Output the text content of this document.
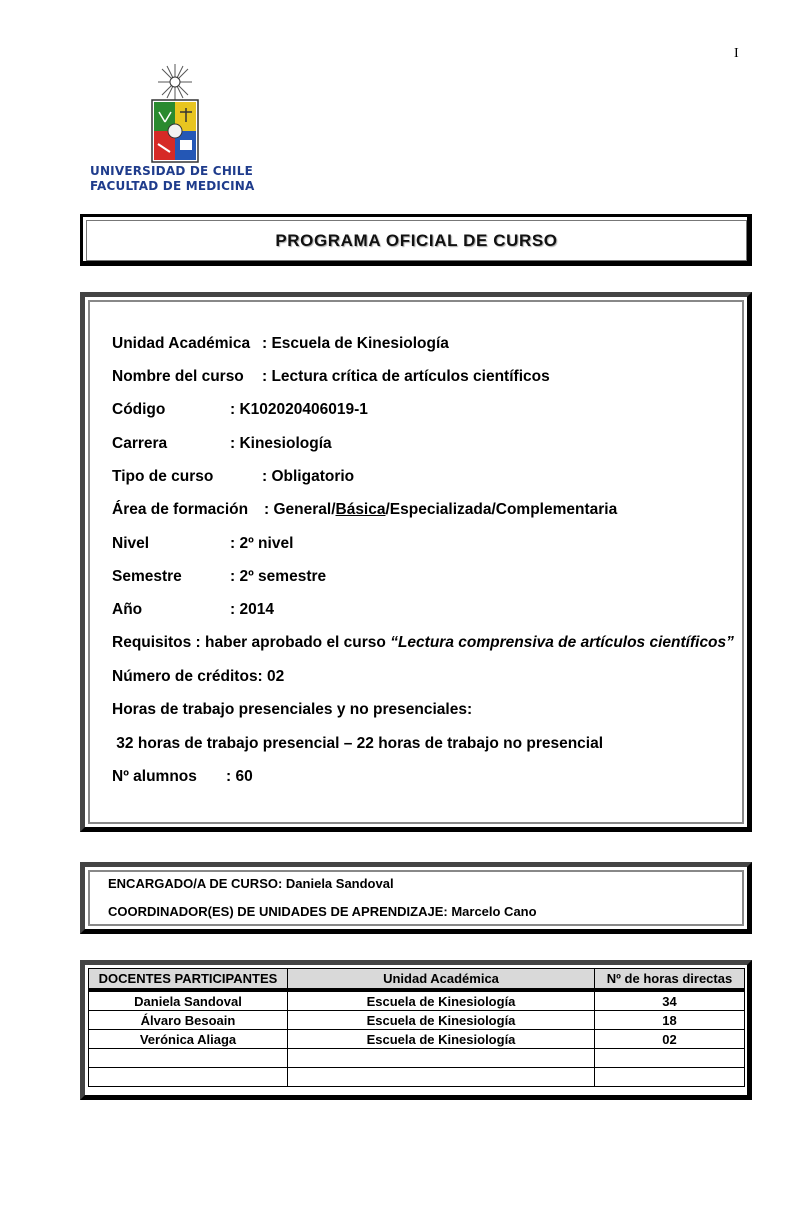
I
UNIVERSIDAD DE CHILE
FACULTAD DE MEDICINA
PROGRAMA OFICIAL DE CURSO
Unidad Académica : Escuela de Kinesiología
Nombre del curso : Lectura crítica de artículos científicos
Código	: K102020406019-1
Carrera	: Kinesiología
Tipo de curso	: Obligatorio
Área de formación : General/Básica/Especializada/Complementaria
Nivel	: 2º nivel
Semestre	: 2º semestre
Año	: 2014
Requisitos : haber aprobado el curso “Lectura comprensiva de artículos científicos”
Número de créditos: 02
Horas de trabajo presenciales y no presenciales:
32 horas de trabajo presencial – 22 horas de trabajo no presencial
Nº alumnos : 60
ENCARGADO/A DE CURSO: Daniela Sandoval
COORDINADOR(ES) DE UNIDADES DE APRENDIZAJE: Marcelo Cano
DOCENTES PARTICIPANTES	Unidad Académica	Nº de horas directas
Daniela Sandoval	Escuela de Kinesiología	34
Álvaro Besoain	Escuela de Kinesiología	18
Verónica Aliaga	Escuela de Kinesiología	02
